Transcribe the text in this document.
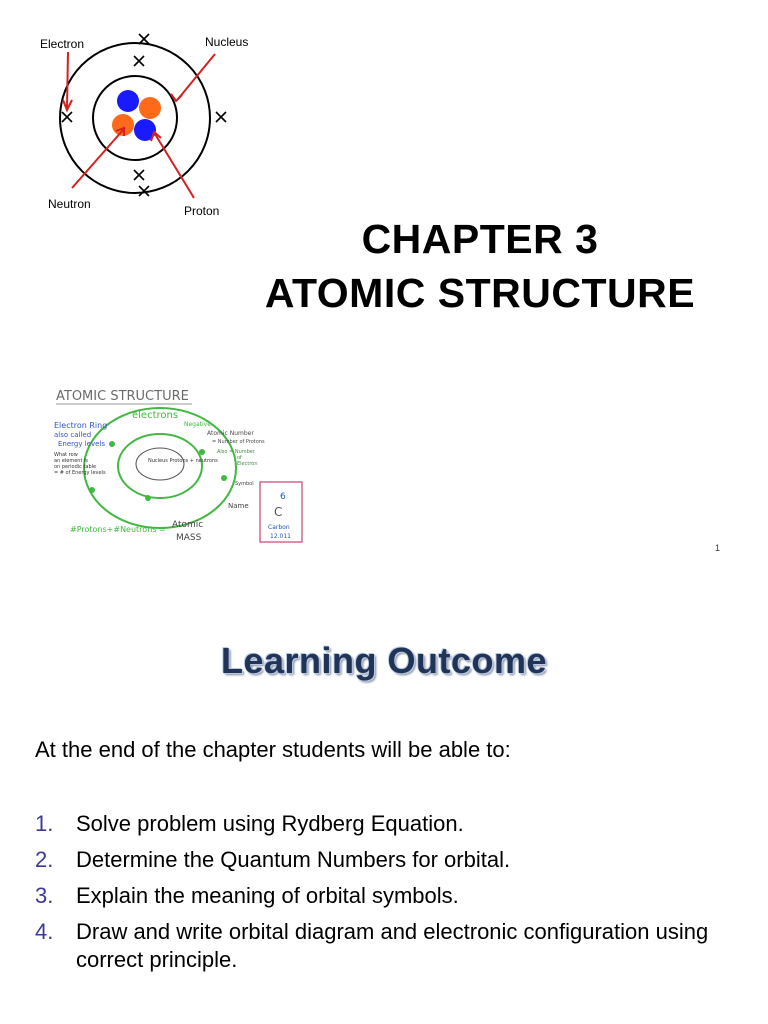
Electron	Nucleus
Neutron	Proton
CHAPTER 3
ATOMIC STRUCTURE
ATOMIC STRUCTURE
Nucleus Protons + neutrons
electrons
Negative
Electron Ring
also called
Energy levels
Atomic Number
= Number of Protons
Also = Number
of
Electron
What row
an element is
on periodic table
= # of Energy levels
Symbol
Name
6
C
Carbon
12.011
#Protons+#Neutrons = Atomic
MASS
1
Learning Outcome
At the end of the chapter students will be able to:
1.	Solve problem using Rydberg Equation.
2.	Determine the Quantum Numbers for orbital.
3.	Explain the meaning of orbital symbols.
4.	Draw and write orbital diagram and electronic configuration using correct principle.
